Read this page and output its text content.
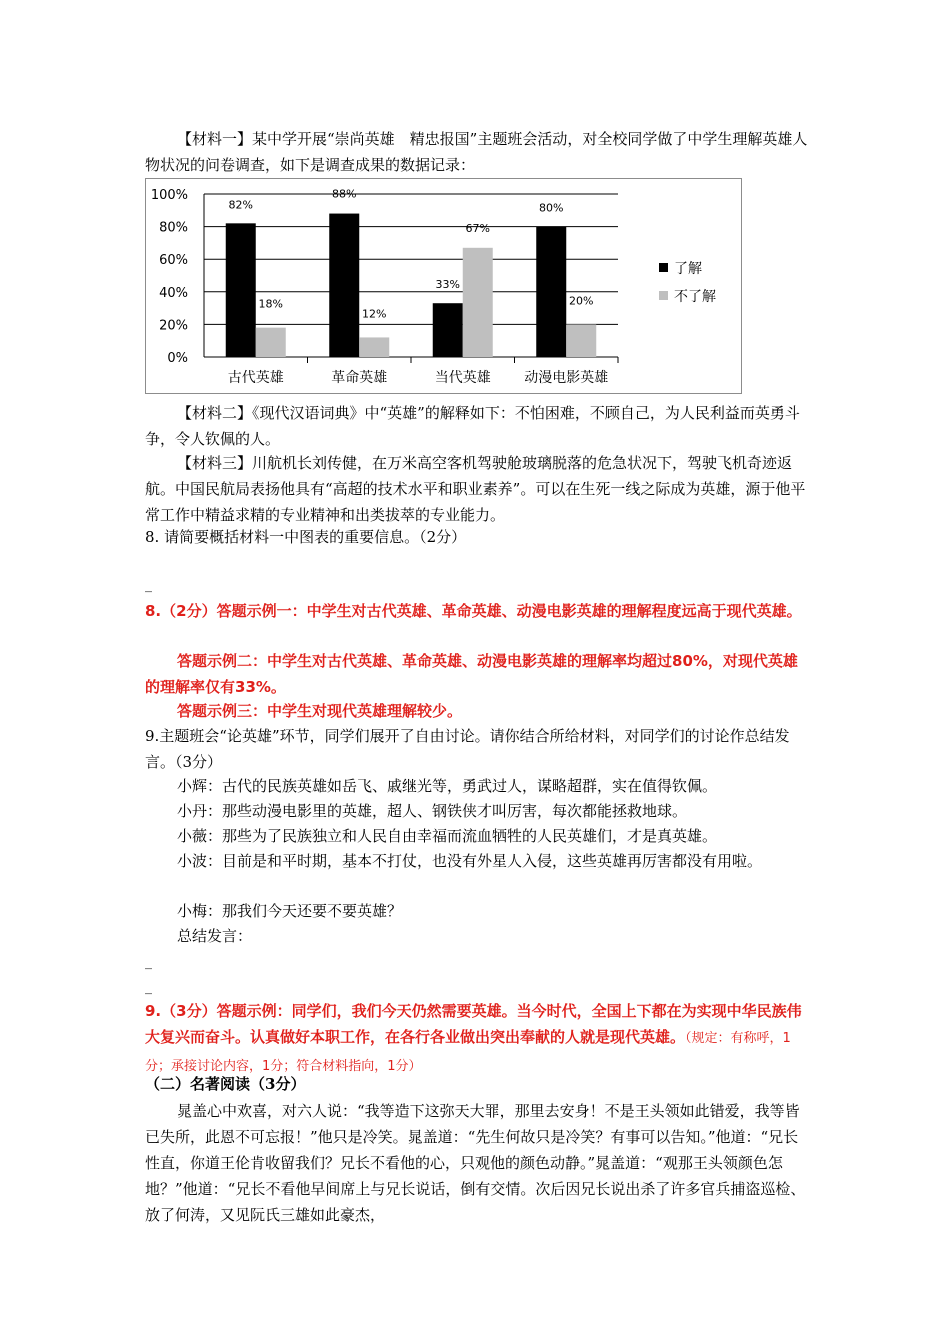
【材料一】某中学开展“崇尚英雄　精忠报国”主题班会活动，对全校同学做了中学生理解英雄人物状况的问卷调查，如下是调查成果的数据记录：

0%
20%
40%
60%
80%
100%
82%
18%
古代英雄
88%
12%
革命英雄
33%
67%
当代英雄
80%
20%
动漫电影英雄
了解
不了解

【材料二】《现代汉语词典》中“英雄”的解释如下：不怕困难，不顾自己，为人民利益而英勇斗争，令人钦佩的人。

【材料三】川航机长刘传健，在万米高空客机驾驶舱玻璃脱落的危急状况下，驾驶飞机奇迹返航。中国民航局表扬他具有“高超的技术水平和职业素养”。可以在生死一线之际成为英雄，源于他平常工作中精益求精的专业精神和出类拔萃的专业能力。

8. 请简要概括材料一中图表的重要信息。（2分）

_

8.（2分）答题示例一：中学生对古代英雄、革命英雄、动漫电影英雄的理解程度远高于现代英雄。

答题示例二：中学生对古代英雄、革命英雄、动漫电影英雄的理解率均超过80%，对现代英雄的理解率仅有33%。

答题示例三：中学生对现代英雄理解较少。

9.主题班会“论英雄”环节，同学们展开了自由讨论。请你结合所给材料，对同学们的讨论作总结发言。（3分）

小辉：古代的民族英雄如岳飞、戚继光等，勇武过人，谋略超群，实在值得钦佩。

小丹：那些动漫电影里的英雄，超人、钢铁侠才叫厉害，每次都能拯救地球。

小薇：那些为了民族独立和人民自由幸福而流血牺牲的人民英雄们，才是真英雄。

小波：目前是和平时期，基本不打仗，也没有外星人入侵，这些英雄再厉害都没有用啦。

小梅：那我们今天还要不要英雄？

总结发言：

_
_

9.（3分）答题示例：同学们，我们今天仍然需要英雄。当今时代，全国上下都在为实现中华民族伟大复兴而奋斗。认真做好本职工作，在各行各业做出突出奉献的人就是现代英雄。（规定：有称呼，1分；承接讨论内容，1分；符合材料指向，1分）

（二）名著阅读（3分）

晁盖心中欢喜，对六人说：“我等造下这弥天大罪，那里去安身！不是王头领如此错爱，我等皆已失所，此恩不可忘报！”他只是冷笑。晁盖道：“先生何故只是冷笑？有事可以告知。”他道：“兄长性直，你道王伦肯收留我们？兄长不看他的心，只观他的颜色动静。”晁盖道：“观那王头领颜色怎地？”他道：“兄长不看他早间席上与兄长说话，倒有交情。次后因兄长说出杀了许多官兵捕盗巡检、放了何涛，又见阮氏三雄如此豪杰，
